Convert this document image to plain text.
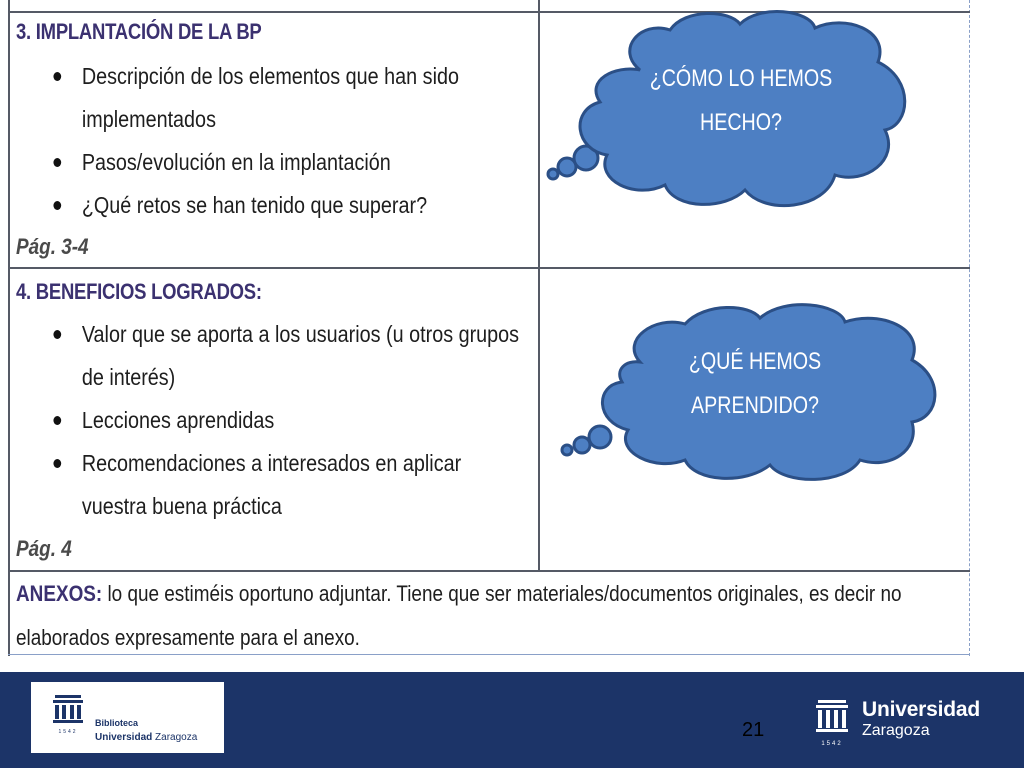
3. IMPLANTACIÓN DE LA BP
Descripción de los elementos que han sido
implementados
Pasos/evolución en la implantación
¿Qué retos se han tenido que superar?
Pág. 3-4
¿CÓMO LO HEMOS
HECHO?
4. BENEFICIOS LOGRADOS:
Valor que se aporta a los usuarios (u otros grupos
de interés)
Lecciones aprendidas
Recomendaciones a interesados en aplicar
vuestra buena práctica
Pág. 4
¿QUÉ HEMOS
APRENDIDO?
ANEXOS: lo que estiméis oportuno adjuntar. Tiene que ser materiales/documentos originales, es decir no
elaborados expresamente para el anexo.
1542
Biblioteca
Universidad Zaragoza	21
1542
Universidad
Zaragoza
